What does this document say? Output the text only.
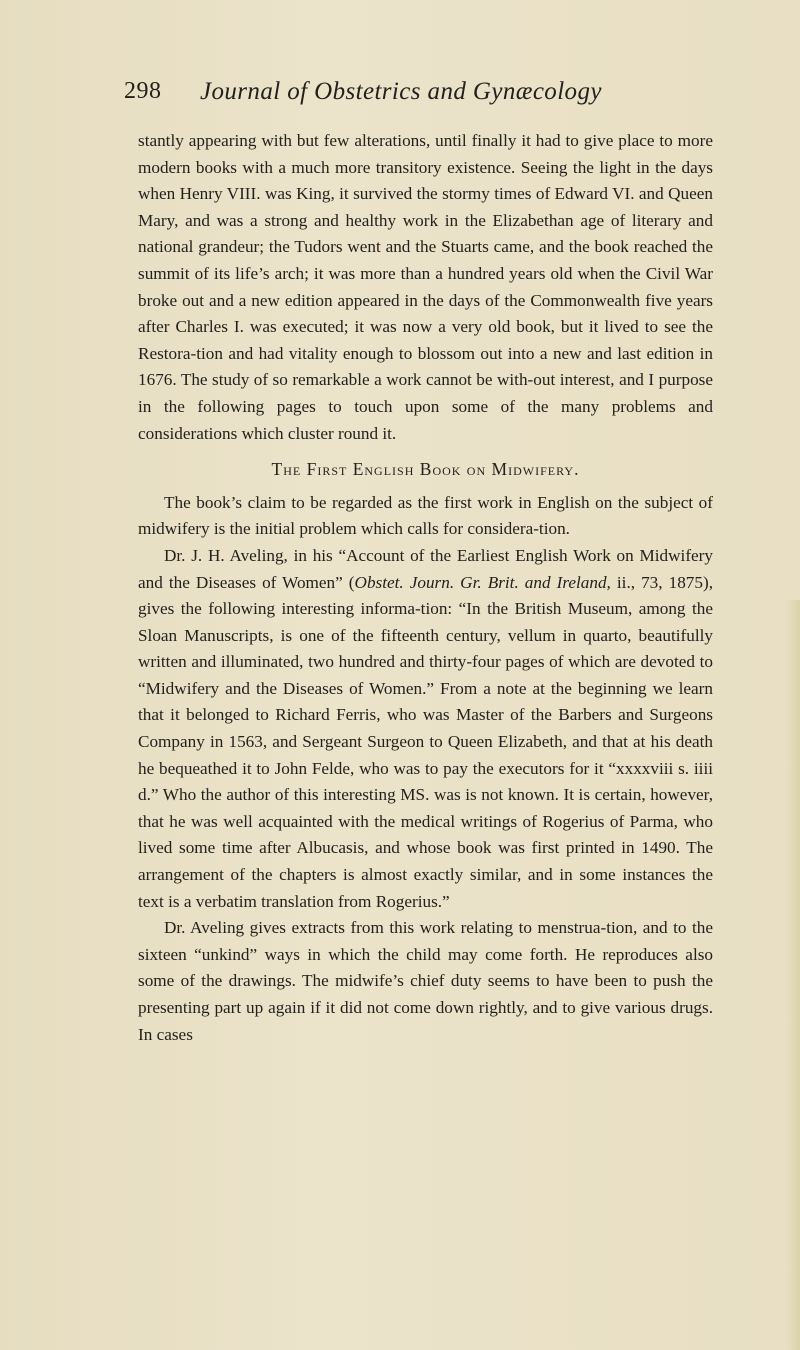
298 Journal of Obstetrics and Gynæcology

stantly appearing with but few alterations, until finally it had to give place to more modern books with a much more transitory existence. Seeing the light in the days when Henry VIII. was King, it survived the stormy times of Edward VI. and Queen Mary, and was a strong and healthy work in the Elizabethan age of literary and national grandeur; the Tudors went and the Stuarts came, and the book reached the summit of its life’s arch; it was more than a hundred years old when the Civil War broke out and a new edition appeared in the days of the Commonwealth five years after Charles I. was executed; it was now a very old book, but it lived to see the Restora-tion and had vitality enough to blossom out into a new and last edition in 1676. The study of so remarkable a work cannot be with-out interest, and I purpose in the following pages to touch upon some of the many problems and considerations which cluster round it.

The First English Book on Midwifery.

The book’s claim to be regarded as the first work in English on the subject of midwifery is the initial problem which calls for considera-tion.

Dr. J. H. Aveling, in his “Account of the Earliest English Work on Midwifery and the Diseases of Women” (Obstet. Journ. Gr. Brit. and Ireland, ii., 73, 1875), gives the following interesting informa-tion: “In the British Museum, among the Sloan Manuscripts, is one of the fifteenth century, vellum in quarto, beautifully written and illuminated, two hundred and thirty-four pages of which are devoted to “Midwifery and the Diseases of Women.” From a note at the beginning we learn that it belonged to Richard Ferris, who was Master of the Barbers and Surgeons Company in 1563, and Sergeant Surgeon to Queen Elizabeth, and that at his death he bequeathed it to John Felde, who was to pay the executors for it “xxxxviii s. iiii d.” Who the author of this interesting MS. was is not known. It is certain, however, that he was well acquainted with the medical writings of Rogerius of Parma, who lived some time after Albucasis, and whose book was first printed in 1490. The arrangement of the chapters is almost exactly similar, and in some instances the text is a verbatim translation from Rogerius.”

Dr. Aveling gives extracts from this work relating to menstrua-tion, and to the sixteen “unkind” ways in which the child may come forth. He reproduces also some of the drawings. The midwife’s chief duty seems to have been to push the presenting part up again if it did not come down rightly, and to give various drugs. In cases
